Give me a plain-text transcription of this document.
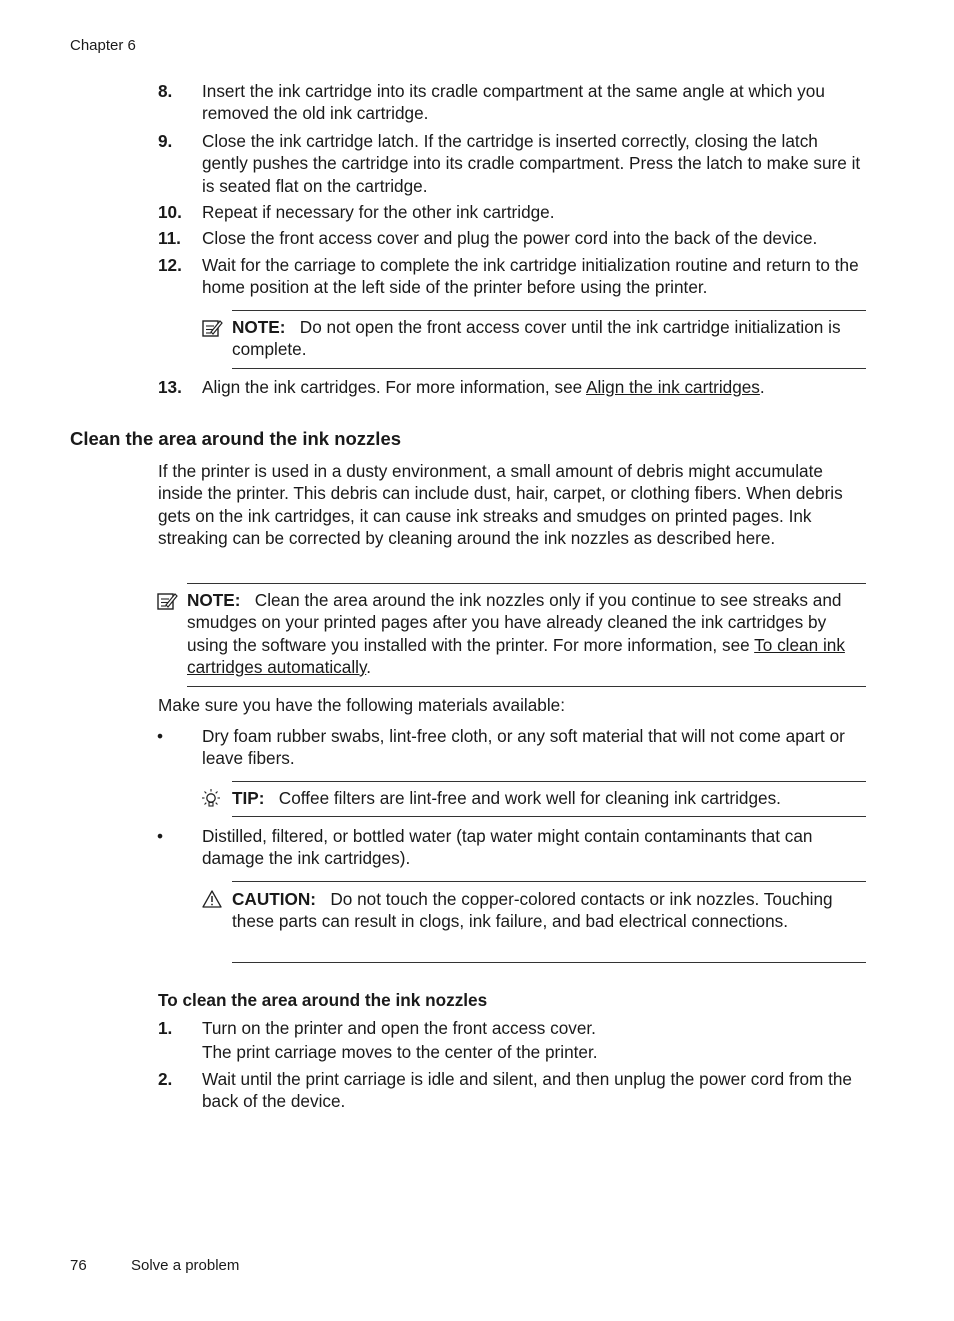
Chapter 6
8. Insert the ink cartridge into its cradle compartment at the same angle at which you removed the old ink cartridge.
9. Close the ink cartridge latch. If the cartridge is inserted correctly, closing the latch gently pushes the cartridge into its cradle compartment. Press the latch to make sure it is seated flat on the cartridge.
10. Repeat if necessary for the other ink cartridge.
11. Close the front access cover and plug the power cord into the back of the device.
12. Wait for the carriage to complete the ink cartridge initialization routine and return to the home position at the left side of the printer before using the printer.
NOTE: Do not open the front access cover until the ink cartridge initialization is complete.
13. Align the ink cartridges. For more information, see Align the ink cartridges.
Clean the area around the ink nozzles
If the printer is used in a dusty environment, a small amount of debris might accumulate inside the printer. This debris can include dust, hair, carpet, or clothing fibers. When debris gets on the ink cartridges, it can cause ink streaks and smudges on printed pages. Ink streaking can be corrected by cleaning around the ink nozzles as described here.
NOTE: Clean the area around the ink nozzles only if you continue to see streaks and smudges on your printed pages after you have already cleaned the ink cartridges by using the software you installed with the printer. For more information, see To clean ink cartridges automatically.
Make sure you have the following materials available:
• Dry foam rubber swabs, lint-free cloth, or any soft material that will not come apart or leave fibers.
TIP: Coffee filters are lint-free and work well for cleaning ink cartridges.
• Distilled, filtered, or bottled water (tap water might contain contaminants that can damage the ink cartridges).
CAUTION: Do not touch the copper-colored contacts or ink nozzles. Touching these parts can result in clogs, ink failure, and bad electrical connections.
To clean the area around the ink nozzles
1. Turn on the printer and open the front access cover.
The print carriage moves to the center of the printer.
2. Wait until the print carriage is idle and silent, and then unplug the power cord from the back of the device.
76	Solve a problem
